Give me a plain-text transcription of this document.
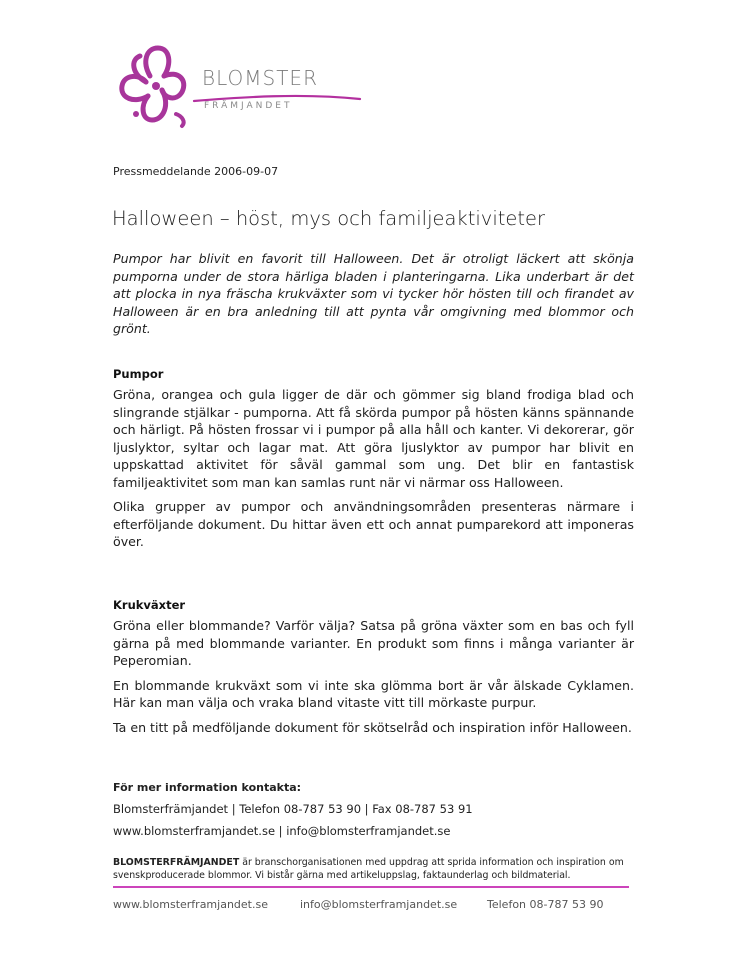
BLOMSTER
FRÄMJANDET
Pressmeddelande 2006-09-07
Halloween – höst, mys och familjeaktiviteter
Pumpor har blivit en favorit till Halloween. Det är otroligt läckert att skönja pumporna under de stora härliga bladen i planteringarna. Lika underbart är det att plocka in nya fräscha krukväxter som vi tycker hör hösten till och firandet av Halloween är en bra anledning till att pynta vår omgivning med blommor och grönt.
Pumpor

Gröna, orangea och gula ligger de där och gömmer sig bland frodiga blad och slingrande stjälkar - pumporna. Att få skörda pumpor på hösten känns spännande och härligt. På hösten frossar vi i pumpor på alla håll och kanter. Vi dekorerar, gör ljuslyktor, syltar och lagar mat. Att göra ljuslyktor av pumpor har blivit en uppskattad aktivitet för såväl gammal som ung. Det blir en fantastisk familjeaktivitet som man kan samlas runt när vi närmar oss Halloween.

Olika grupper av pumpor och användningsområden presenteras närmare i efterföljande dokument. Du hittar även ett och annat pumparekord att imponeras över.

Krukväxter

Gröna eller blommande? Varför välja? Satsa på gröna växter som en bas och fyll gärna på med blommande varianter. En produkt som finns i många varianter är Peperomian.

En blommande krukväxt som vi inte ska glömma bort är vår älskade Cyklamen. Här kan man välja och vraka bland vitaste vitt till mörkaste purpur.

Ta en titt på medföljande dokument för skötselråd och inspiration inför Halloween.

För mer information kontakta:
Blomsterfrämjandet | Telefon 08-787 53 90 | Fax 08-787 53 91
www.blomsterframjandet.se | info@blomsterframjandet.se
BLOMSTERFRÄMJANDET är branschorganisationen med uppdrag att sprida information och inspiration om svenskproducerade blommor. Vi bistår gärna med artikeluppslag, faktaunderlag och bildmaterial.
www.blomsterframjandet.se	info@blomsterframjandet.se	Telefon 08-787 53 90
